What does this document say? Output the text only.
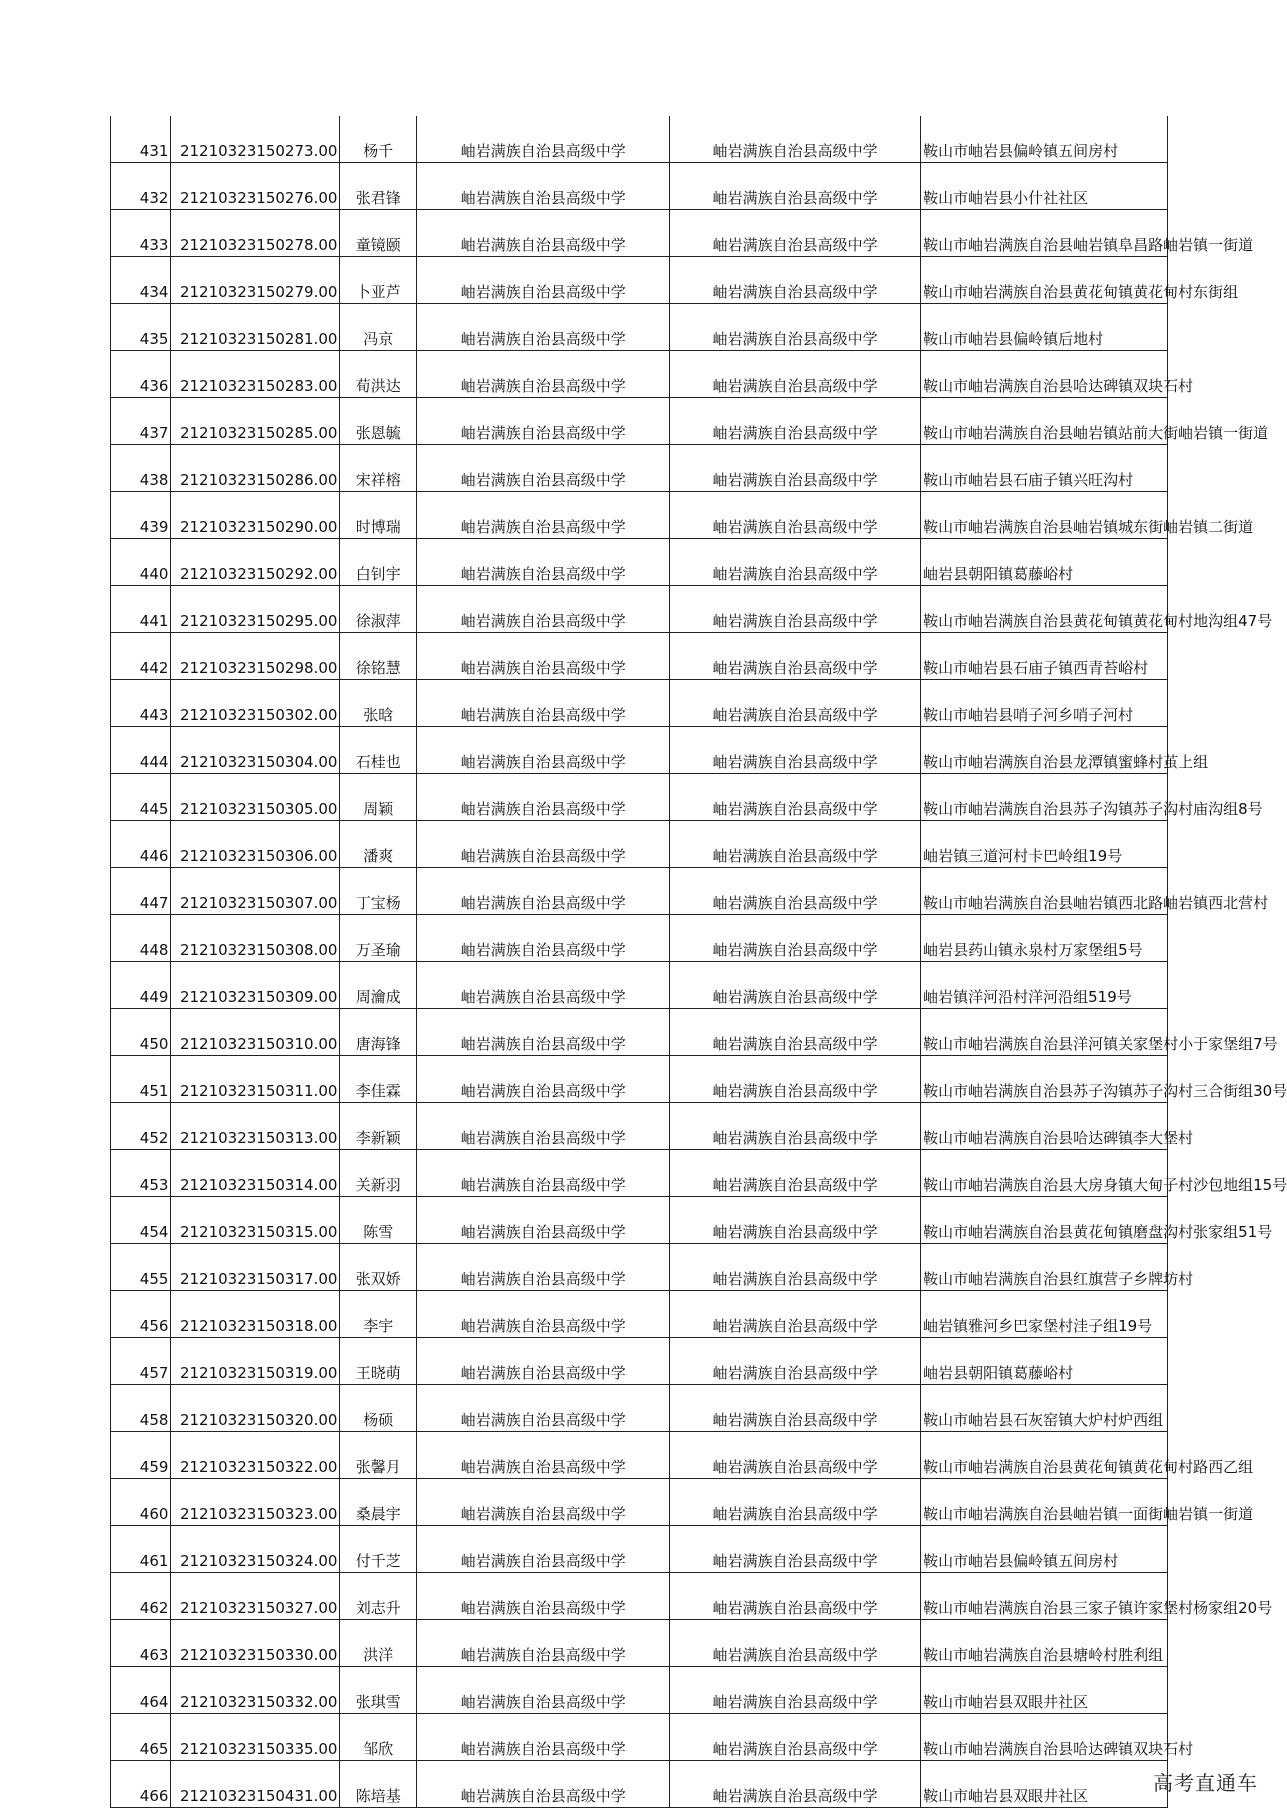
431	21210323150273.00	杨千	岫岩满族自治县高级中学	岫岩满族自治县高级中学	鞍山市岫岩县偏岭镇五间房村
432	21210323150276.00	张君锋	岫岩满族自治县高级中学	岫岩满族自治县高级中学	鞍山市岫岩县小什社社区
433	21210323150278.00	童镜颐	岫岩满族自治县高级中学	岫岩满族自治县高级中学	鞍山市岫岩满族自治县岫岩镇阜昌路岫岩镇一街道
434	21210323150279.00	卜亚芦	岫岩满族自治县高级中学	岫岩满族自治县高级中学	鞍山市岫岩满族自治县黄花甸镇黄花甸村东街组
435	21210323150281.00	冯京	岫岩满族自治县高级中学	岫岩满族自治县高级中学	鞍山市岫岩县偏岭镇后地村
436	21210323150283.00	荀洪达	岫岩满族自治县高级中学	岫岩满族自治县高级中学	鞍山市岫岩满族自治县哈达碑镇双块石村
437	21210323150285.00	张恩毓	岫岩满族自治县高级中学	岫岩满族自治县高级中学	鞍山市岫岩满族自治县岫岩镇站前大街岫岩镇一街道
438	21210323150286.00	宋祥榕	岫岩满族自治县高级中学	岫岩满族自治县高级中学	鞍山市岫岩县石庙子镇兴旺沟村
439	21210323150290.00	时博瑞	岫岩满族自治县高级中学	岫岩满族自治县高级中学	鞍山市岫岩满族自治县岫岩镇城东街岫岩镇二街道
440	21210323150292.00	白钊宇	岫岩满族自治县高级中学	岫岩满族自治县高级中学	岫岩县朝阳镇葛藤峪村
441	21210323150295.00	徐淑萍	岫岩满族自治县高级中学	岫岩满族自治县高级中学	鞍山市岫岩满族自治县黄花甸镇黄花甸村地沟组47号
442	21210323150298.00	徐铭慧	岫岩满族自治县高级中学	岫岩满族自治县高级中学	鞍山市岫岩县石庙子镇西青苔峪村
443	21210323150302.00	张晗	岫岩满族自治县高级中学	岫岩满族自治县高级中学	鞍山市岫岩县哨子河乡哨子河村
444	21210323150304.00	石桂也	岫岩满族自治县高级中学	岫岩满族自治县高级中学	鞍山市岫岩满族自治县龙潭镇蜜蜂村茧上组
445	21210323150305.00	周颖	岫岩满族自治县高级中学	岫岩满族自治县高级中学	鞍山市岫岩满族自治县苏子沟镇苏子沟村庙沟组8号
446	21210323150306.00	潘爽	岫岩满族自治县高级中学	岫岩满族自治县高级中学	岫岩镇三道河村卡巴岭组19号
447	21210323150307.00	丁宝杨	岫岩满族自治县高级中学	岫岩满族自治县高级中学	鞍山市岫岩满族自治县岫岩镇西北路岫岩镇西北营村
448	21210323150308.00	万圣瑜	岫岩满族自治县高级中学	岫岩满族自治县高级中学	岫岩县药山镇永泉村万家堡组5号
449	21210323150309.00	周瀹成	岫岩满族自治县高级中学	岫岩满族自治县高级中学	岫岩镇洋河沿村洋河沿组519号
450	21210323150310.00	唐海锋	岫岩满族自治县高级中学	岫岩满族自治县高级中学	鞍山市岫岩满族自治县洋河镇关家堡村小于家堡组7号
451	21210323150311.00	李佳霖	岫岩满族自治县高级中学	岫岩满族自治县高级中学	鞍山市岫岩满族自治县苏子沟镇苏子沟村三合街组30号
452	21210323150313.00	李新颖	岫岩满族自治县高级中学	岫岩满族自治县高级中学	鞍山市岫岩满族自治县哈达碑镇李大堡村
453	21210323150314.00	关新羽	岫岩满族自治县高级中学	岫岩满族自治县高级中学	鞍山市岫岩满族自治县大房身镇大甸子村沙包地组15号
454	21210323150315.00	陈雪	岫岩满族自治县高级中学	岫岩满族自治县高级中学	鞍山市岫岩满族自治县黄花甸镇磨盘沟村张家组51号
455	21210323150317.00	张双娇	岫岩满族自治县高级中学	岫岩满族自治县高级中学	鞍山市岫岩满族自治县红旗营子乡牌坊村
456	21210323150318.00	李宇	岫岩满族自治县高级中学	岫岩满族自治县高级中学	岫岩镇雅河乡巴家堡村洼子组19号
457	21210323150319.00	王晓萌	岫岩满族自治县高级中学	岫岩满族自治县高级中学	岫岩县朝阳镇葛藤峪村
458	21210323150320.00	杨硕	岫岩满族自治县高级中学	岫岩满族自治县高级中学	鞍山市岫岩县石灰窑镇大炉村炉西组
459	21210323150322.00	张馨月	岫岩满族自治县高级中学	岫岩满族自治县高级中学	鞍山市岫岩满族自治县黄花甸镇黄花甸村路西乙组
460	21210323150323.00	桑晨宇	岫岩满族自治县高级中学	岫岩满族自治县高级中学	鞍山市岫岩满族自治县岫岩镇一面街岫岩镇一街道
461	21210323150324.00	付千芝	岫岩满族自治县高级中学	岫岩满族自治县高级中学	鞍山市岫岩县偏岭镇五间房村
462	21210323150327.00	刘志升	岫岩满族自治县高级中学	岫岩满族自治县高级中学	鞍山市岫岩满族自治县三家子镇许家堡村杨家组20号
463	21210323150330.00	洪洋	岫岩满族自治县高级中学	岫岩满族自治县高级中学	鞍山市岫岩满族自治县塘岭村胜利组
464	21210323150332.00	张琪雪	岫岩满族自治县高级中学	岫岩满族自治县高级中学	鞍山市岫岩县双眼井社区
465	21210323150335.00	邹欣	岫岩满族自治县高级中学	岫岩满族自治县高级中学	鞍山市岫岩满族自治县哈达碑镇双块石村
466	21210323150431.00	陈培基	岫岩满族自治县高级中学	岫岩满族自治县高级中学	鞍山市岫岩县双眼井社区
高考直通车
